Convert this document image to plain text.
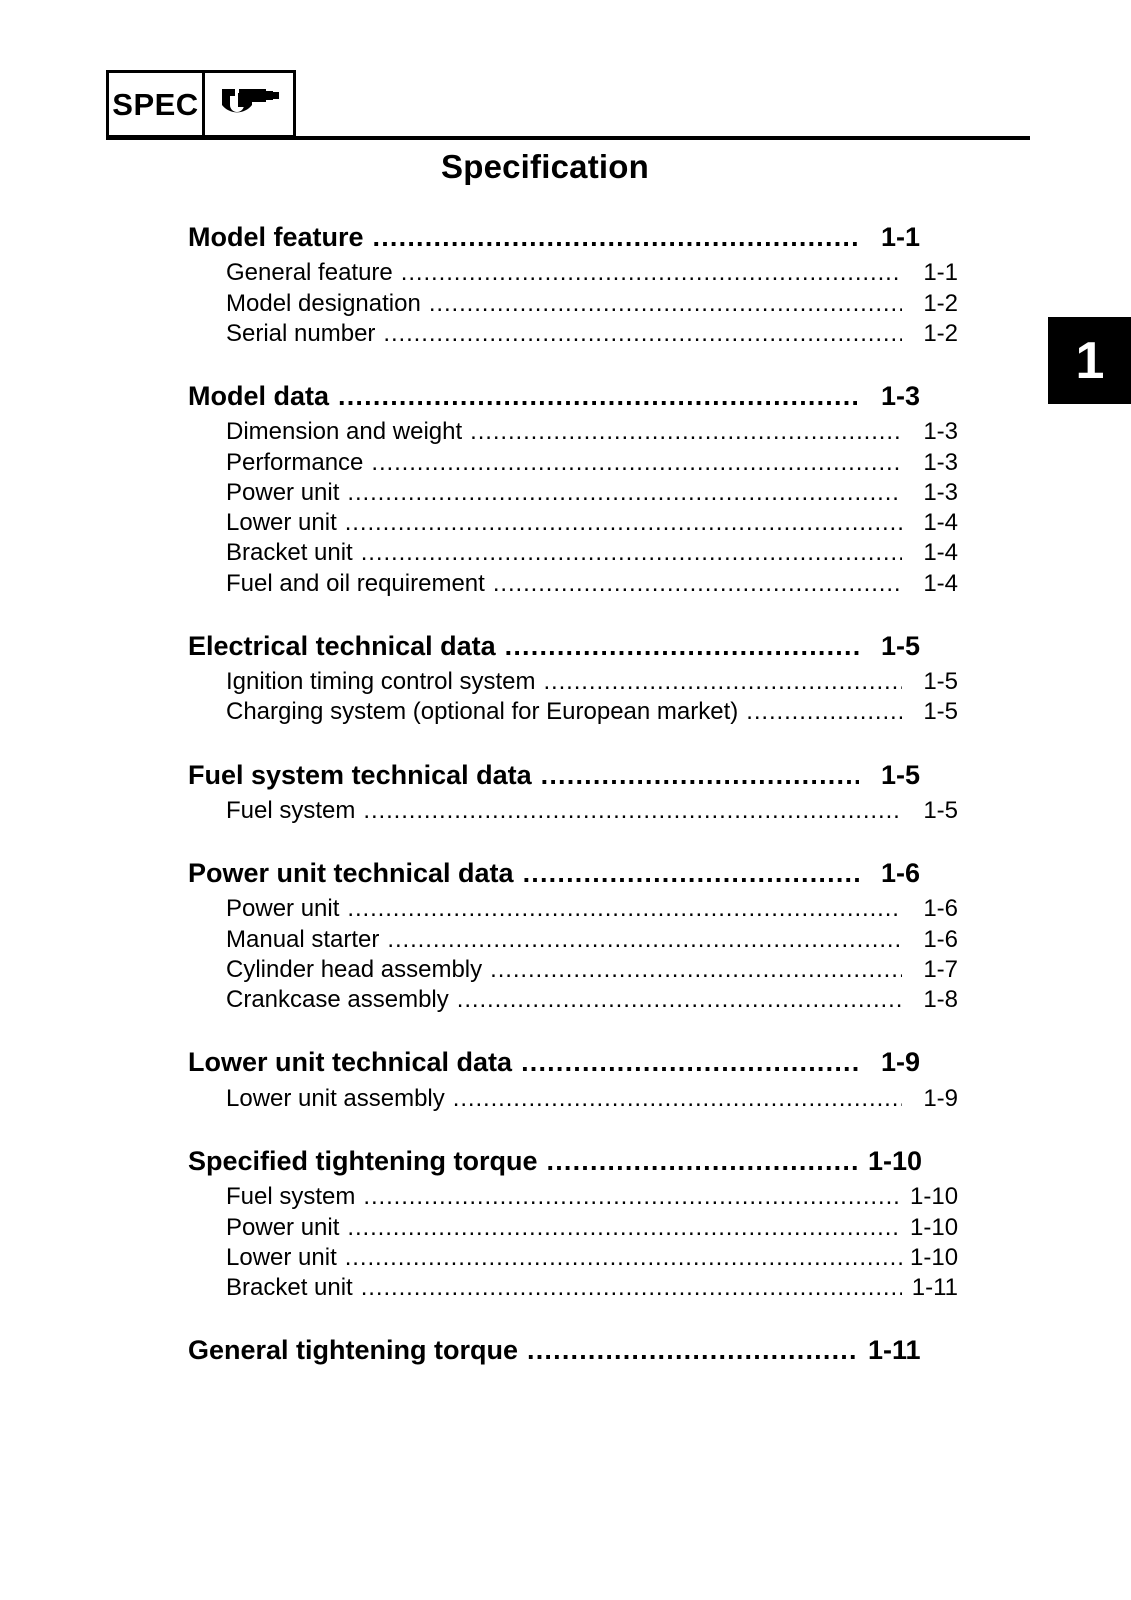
SPEC
1
Specification
Model feature .....	1-1
General feature .....	1-1
Model designation .....	1-2
Serial number .....	1-2
Model data .....	1-3
Dimension and weight .....	1-3
Performance .....	1-3
Power unit .....	1-3
Lower unit .....	1-4
Bracket unit .....	1-4
Fuel and oil requirement .....	1-4
Electrical technical data .....	1-5
Ignition timing control system .....	1-5
Charging system (optional for European market) .....	1-5
Fuel system technical data .....	1-5
Fuel system .....	1-5
Power unit technical data .....	1-6
Power unit .....	1-6
Manual starter .....	1-6
Cylinder head assembly .....	1-7
Crankcase assembly .....	1-8
Lower unit technical data .....	1-9
Lower unit assembly .....	1-9
Specified tightening torque .....	1-10
Fuel system .....	1-10
Power unit .....	1-10
Lower unit .....	1-10
Bracket unit .....	1-11
General tightening torque .....	1-11
